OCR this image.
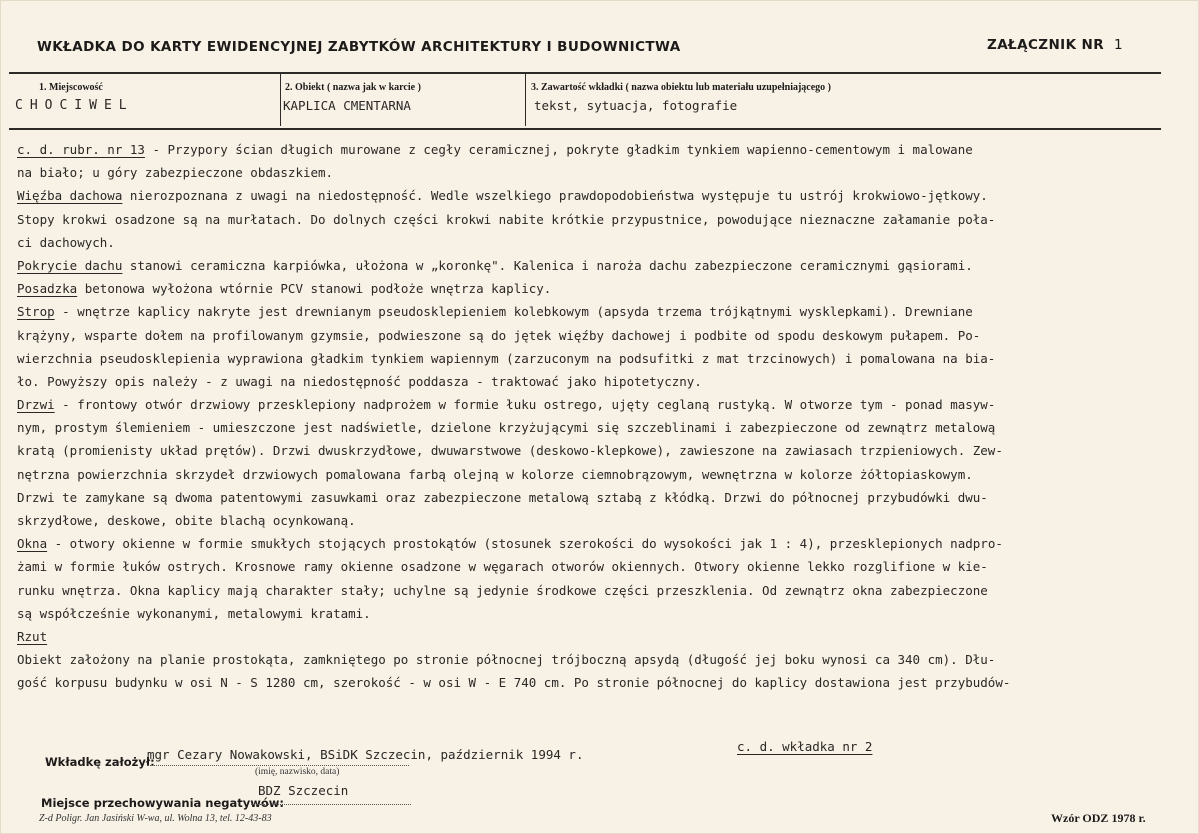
WKŁADKA DO KARTY EWIDENCYJNEJ ZABYTKÓW ARCHITEKTURY I BUDOWNICTWA	ZAŁĄCZNIK NR 1
1. Miejscowość
CHOCIWEL
2. Obiekt ( nazwa jak w karcie )
KAPLICA CMENTARNA
3. Zawartość wkładki ( nazwa obiektu lub materiału uzupełniającego )
tekst, sytuacja, fotografie
c. d. rubr. nr 13 - Przypory ścian długich murowane z cegły ceramicznej, pokryte gładkim tynkiem wapienno-cementowym i malowane
na biało; u góry zabezpieczone obdaszkiem.
Więźba dachowa nierozpoznana z uwagi na niedostępność. Wedle wszelkiego prawdopodobieństwa występuje tu ustrój krokwiowo-jętkowy.
Stopy krokwi osadzone są na murłatach. Do dolnych części krokwi nabite krótkie przypustnice, powodujące nieznaczne załamanie poła-
ci dachowych.
Pokrycie dachu stanowi ceramiczna karpiówka, ułożona w „koronkę". Kalenica i naroża dachu zabezpieczone ceramicznymi gąsiorami.
Posadzka betonowa wyłożona wtórnie PCV stanowi podłoże wnętrza kaplicy.
Strop - wnętrze kaplicy nakryte jest drewnianym pseudosklepieniem kolebkowym (apsyda trzema trójkątnymi wysklepkami). Drewniane
krążyny, wsparte dołem na profilowanym gzymsie, podwieszone są do jętek więźby dachowej i podbite od spodu deskowym pułapem. Po-
wierzchnia pseudosklepienia wyprawiona gładkim tynkiem wapiennym (zarzuconym na podsufitki z mat trzcinowych) i pomalowana na bia-
ło. Powyższy opis należy - z uwagi na niedostępność poddasza - traktować jako hipotetyczny.
Drzwi - frontowy otwór drzwiowy przesklepiony nadprożem w formie łuku ostrego, ujęty ceglaną rustyką. W otworze tym - ponad masyw-
nym, prostym ślemieniem - umieszczone jest nadświetle, dzielone krzyżującymi się szczeblinami i zabezpieczone od zewnątrz metalową
kratą (promienisty układ prętów). Drzwi dwuskrzydłowe, dwuwarstwowe (deskowo-klepkowe), zawieszone na zawiasach trzpieniowych. Zew-
nętrzna powierzchnia skrzydeł drzwiowych pomalowana farbą olejną w kolorze ciemnobrązowym, wewnętrzna w kolorze żółtopiaskowym.
Drzwi te zamykane są dwoma patentowymi zasuwkami oraz zabezpieczone metalową sztabą z kłódką. Drzwi do północnej przybudówki dwu-
skrzydłowe, deskowe, obite blachą ocynkowaną.
Okna - otwory okienne w formie smukłych stojących prostokątów (stosunek szerokości do wysokości jak 1 : 4), przesklepionych nadpro-
żami w formie łuków ostrych. Krosnowe ramy okienne osadzone w węgarach otworów okiennych. Otwory okienne lekko rozglifione w kie-
runku wnętrza. Okna kaplicy mają charakter stały; uchylne są jedynie środkowe części przeszklenia. Od zewnątrz okna zabezpieczone
są współcześnie wykonanymi, metalowymi kratami.
Rzut
Obiekt założony na planie prostokąta, zamkniętego po stronie północnej trójboczną apsydą (długość jej boku wynosi ca 340 cm). Dłu-
gość korpusu budynku w osi N - S 1280 cm, szerokość - w osi W - E 740 cm. Po stronie północnej do kaplicy dostawiona jest przybudów-
Wkładkę założył:
mgr Cezary Nowakowski, BSiDK Szczecin, październik 1994 r.
(imię, nazwisko, data)
c. d. wkładka nr 2
Miejsce przechowywania negatywów:
BDZ Szczecin
Z-d Poligr. Jan Jasiński W-wa, ul. Wolna 13, tel. 12-43-83	Wzór ODZ 1978 r.
